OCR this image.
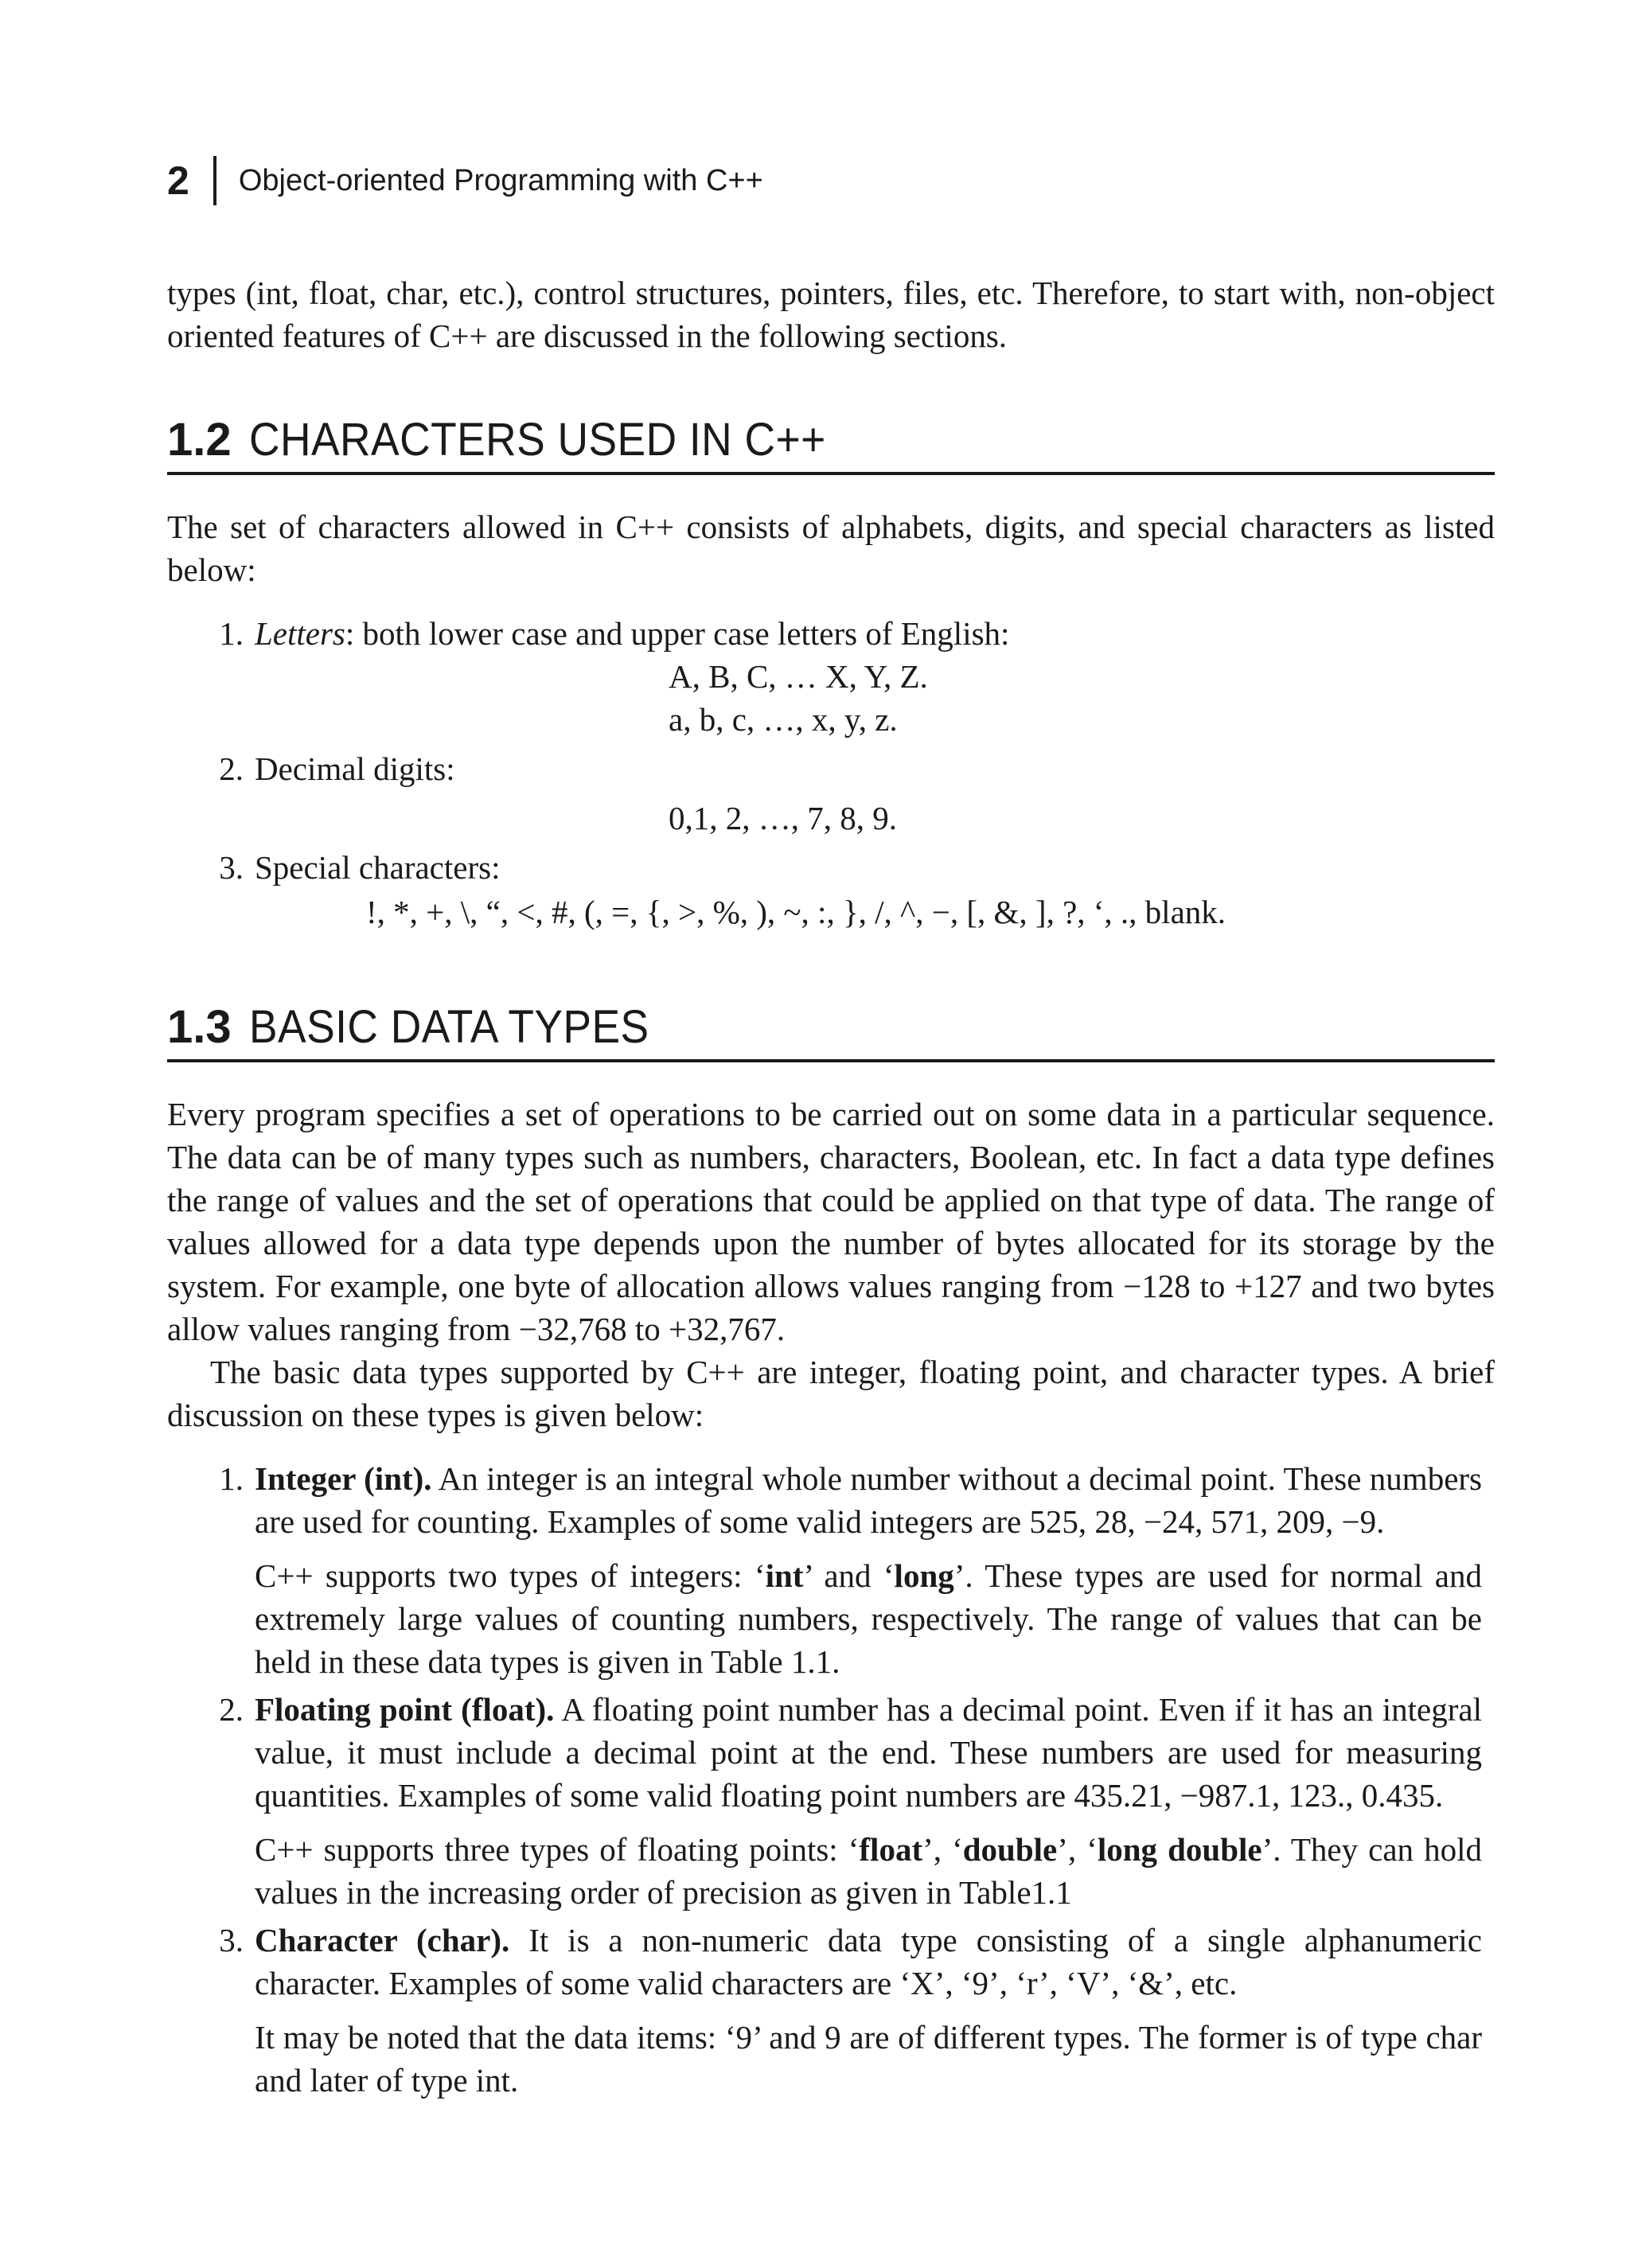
2 Object-oriented Programming with C++

types (int, float, char, etc.), control structures, pointers, files, etc. Therefore, to start with, non-object oriented features of C++ are discussed in the following sections.

1.2 CHARACTERS USED IN C++

The set of characters allowed in C++ consists of alphabets, digits, and special characters as listed below:

1. Letters: both lower case and upper case letters of English:
A, B, C, … X, Y, Z.
a, b, c, …, x, y, z.
2. Decimal digits:
0,1, 2, …, 7, 8, 9.
3. Special characters:
!, *, +, \, “, <, #, (, =, {, >, %, ), ~, :, }, /, ^, −, [, &, ], ?, ‘, ., blank.
1.3 BASIC DATA TYPES

Every program specifies a set of operations to be carried out on some data in a particular sequence. The data can be of many types such as numbers, characters, Boolean, etc. In fact a data type defines the range of values and the set of operations that could be applied on that type of data. The range of values allowed for a data type depends upon the number of bytes allocated for its storage by the system. For example, one byte of allocation allows values ranging from −128 to +127 and two bytes allow values ranging from −32,768 to +32,767.

The basic data types supported by C++ are integer, floating point, and character types. A brief discussion on these types is given below:

1. Integer (int). An integer is an integral whole number without a decimal point. These numbers are used for counting. Examples of some valid integers are 525, 28, −24, 571, 209, −9.
C++ supports two types of integers: ‘int’ and ‘long’. These types are used for normal and extremely large values of counting numbers, respectively. The range of values that can be held in these data types is given in Table 1.1.
2. Floating point (float). A floating point number has a decimal point. Even if it has an integral value, it must include a decimal point at the end. These numbers are used for measuring quantities. Examples of some valid floating point numbers are 435.21, −987.1, 123., 0.435.
C++ supports three types of floating points: ‘float’, ‘double’, ‘long double’. They can hold values in the increasing order of precision as given in Table1.1
3. Character (char). It is a non-numeric data type consisting of a single alphanumeric character. Examples of some valid characters are ‘X’, ‘9’, ‘r’, ‘V’, ‘&’, etc.
It may be noted that the data items: ‘9’ and 9 are of different types. The former is of type char and later of type int.
